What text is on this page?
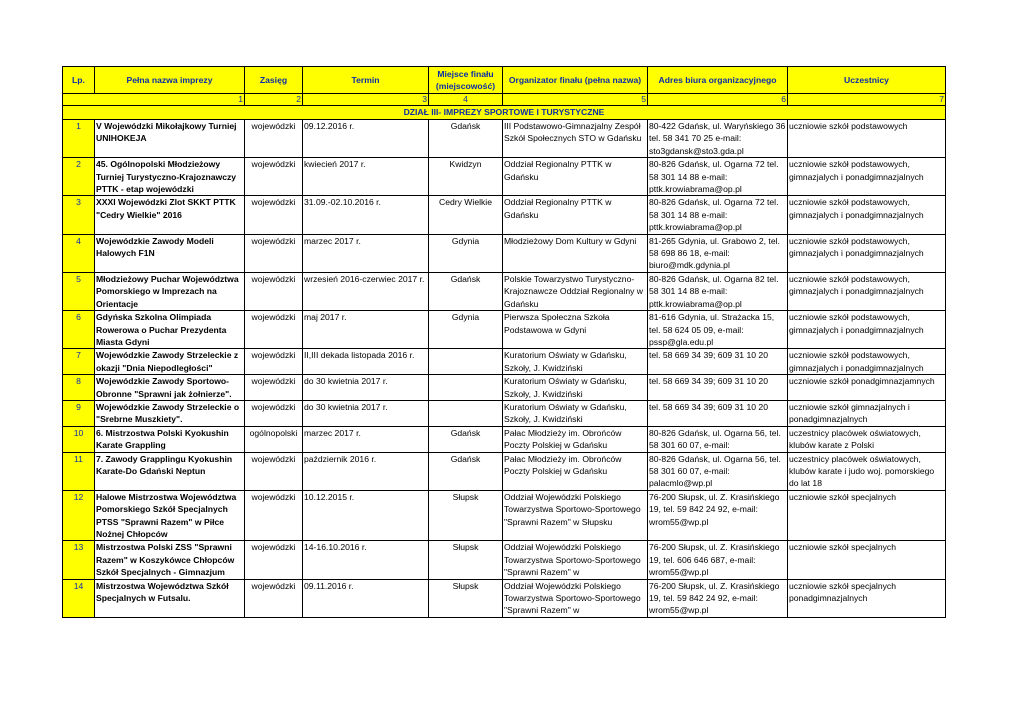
Lp.	Pełna nazwa imprezy	Zasięg	Termin	Miejsce finału (miejscowość)	Organizator finału (pełna nazwa)	Adres biura organizacyjnego	Uczestnicy
1		2	3	4	5	6	7
DZIAŁ III- IMPREZY SPORTOWE I TURYSTYCZNE							
1	V Wojewódzki Mikołajkowy Turniej UNIHOKEJA	wojewódzki	09.12.2016 r.	Gdańsk	III Podstawowo-Gimnazjalny Zespół Szkół Społecznych STO w Gdańsku	80-422 Gdańsk, ul. Waryńskiego 36 tel. 58 341 70 25 e-mail: sto3gdansk@sto3.gda.pl	uczniowie szkół podstawowych
2	45. Ogólnopolski Młodzieżowy Turniej Turystyczno-Krajoznawczy PTTK - etap wojewódzki	wojewódzki	kwiecień 2017 r.	Kwidzyn	Oddział Regionalny PTTK w Gdańsku	80-826 Gdańsk, ul. Ogarna 72 tel. 58 301 14 88 e-mail: pttk.krowiabrama@op.pl	uczniowie szkół podstawowych, gimnazjalych i ponadgimnazjalnych
3	XXXI Wojewódzki Zlot SKKT PTTK "Cedry Wielkie" 2016	wojewódzki	31.09.-02.10.2016 r.	Cedry Wielkie	Oddział Regionalny PTTK w Gdańsku	80-826 Gdańsk, ul. Ogarna 72 tel. 58 301 14 88 e-mail: pttk.krowiabrama@op.pl	uczniowie szkół podstawowych, gimnazjalych i ponadgimnazjalnych
4	Wojewódzkie Zawody Modeli Halowych F1N	wojewódzki	marzec 2017 r.	Gdynia	Młodzieżowy Dom Kultury w Gdyni	81-265 Gdynia, ul. Grabowo 2, tel. 58 698 86 18, e-mail: biuro@mdk.gdynia.pl	uczniowie szkół podstawowych, gimnazjalych i ponadgimnazjalnych
5	Młodzieżowy Puchar Województwa Pomorskiego w Imprezach na Orientacje	wojewódzki	wrzesień 2016-czerwiec 2017 r.	Gdańsk	Polskie Towarzystwo Turystyczno-Krajoznawcze Oddział Regionalny w Gdańsku	80-826 Gdańsk, ul. Ogarna 82 tel. 58 301 14 88 e-mail: pttk.krowiabrama@op.pl	uczniowie szkół podstawowych, gimnazjalych i ponadgimnazjalnych
6	Gdyńska Szkolna Olimpiada Rowerowa o Puchar Prezydenta Miasta Gdyni	wojewódzki	maj 2017 r.	Gdynia	Pierwsza Społeczna Szkoła Podstawowa w Gdyni	81-616 Gdynia, ul. Strażacka 15, tel. 58 624 05 09, e-mail: pssp@gla.edu.pl	uczniowie szkół podstawowych, gimnazjalych i ponadgimnazjalnych
7	Wojewódzkie Zawody Strzeleckie z okazji "Dnia Niepodległości"	wojewódzki	II,III dekada listopada 2016 r.		Kuratorium Oświaty w Gdańsku, Szkoły, J. Kwidziński	tel. 58 669 34 39; 609 31 10 20	uczniowie szkół podstawowych, gimnazjalych i ponadgimnazjalnych
8	Wojewódzkie Zawody Sportowo-Obronne "Sprawni jak żołnierze".	wojewódzki	do 30 kwietnia 2017 r.		Kuratorium Oświaty w Gdańsku, Szkoły, J. Kwidziński	tel. 58 669 34 39; 609 31 10 20	uczniowie szkół ponadgimnazjamnych
9	Wojewódzkie Zawody Strzeleckie o "Srebrne Muszkiety".	wojewódzki	do 30 kwietnia 2017 r.		Kuratorium Oświaty w Gdańsku, Szkoły, J. Kwidziński	tel. 58 669 34 39; 609 31 10 20	uczniowie szkół gimnazjalnych i ponadgimnazjalnych
10	6. Mistrzostwa Polski Kyokushin Karate Grappling	ogólnopolski	marzec 2017 r.	Gdańsk	Pałac Młodzieży im. Obrońców Poczty Polskiej w Gdańsku	80-826 Gdańsk, ul. Ogarna 56, tel. 58 301 60 07, e-mail:	uczestnicy placówek oświatowych, klubów karate z Polski
11	7. Zawody Grapplingu Kyokushin Karate-Do Gdański Neptun	wojewódzki	październik 2016 r.	Gdańsk	Pałac Młodzieży im. Obrońców Poczty Polskiej w Gdańsku	80-826 Gdańsk, ul. Ogarna 56, tel. 58 301 60 07, e-mail: palacmlo@wp.pl	uczestnicy placówek oświatowych, klubów karate i judo woj. pomorskiego do lat 18
12	Halowe Mistrzostwa Województwa Pomorskiego Szkół Specjalnych PTSS "Sprawni Razem" w Piłce Nożnej Chłopców	wojewódzki	10.12.2015 r.	Słupsk	Oddział Wojewódzki Polskiego Towarzystwa Sportowo-Sportowego "Sprawni Razem" w Słupsku	76-200 Słupsk, ul. Z. Krasińskiego 19, tel. 59 842 24 92, e-mail: wrom55@wp.pl	uczniowie szkół specjalnych
13	Mistrzostwa Polski ZSS "Sprawni Razem" w Koszykówce Chłopców Szkół Specjalnych - Gimnazjum	wojewódzki	14-16.10.2016 r.	Słupsk	Oddział Wojewódzki Polskiego Towarzystwa Sportowo-Sportowego "Sprawni Razem" w	76-200 Słupsk, ul. Z. Krasińskiego 19, tel. 606 646 687, e-mail: wrom55@wp.pl	uczniowie szkół specjalnych
14	Mistrzostwa Województwa Szkół Specjalnych w Futsalu.	wojewódzki	09.11.2016 r.	Słupsk	Oddział Wojewódzki Polskiego Towarzystwa Sportowo-Sportowego "Sprawni Razem" w	76-200 Słupsk, ul. Z. Krasińskiego 19, tel. 59 842 24 92, e-mail: wrom55@wp.pl	uczniowie szkół specjalnych ponadgimnazjalnych
